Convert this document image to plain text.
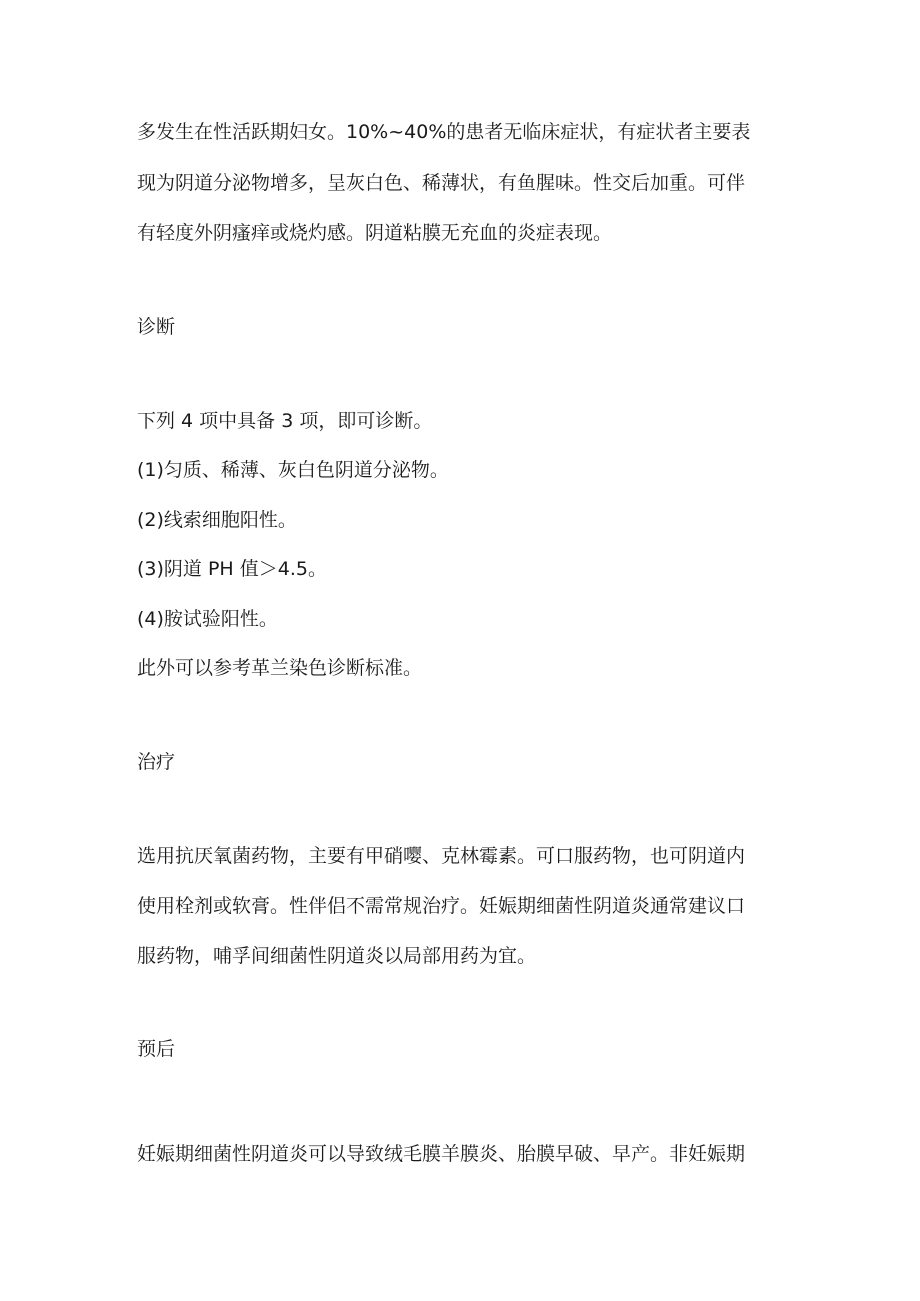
多发生在性活跃期妇女。10%~40%的患者无临床症状，有症状者主要表

现为阴道分泌物增多，呈灰白色、稀薄状，有鱼腥味。性交后加重。可伴

有轻度外阴瘙痒或烧灼感。阴道粘膜无充血的炎症表现。

诊断

下列 4 项中具备 3 项，即可诊断。

(1)匀质、稀薄、灰白色阴道分泌物。

(2)线索细胞阳性。

(3)阴道 PH 值＞4.5。

(4)胺试验阳性。

此外可以参考革兰染色诊断标准。

治疗

选用抗厌氧菌药物，主要有甲硝嘤、克林霉素。可口服药物，也可阴道内

使用栓剂或软膏。性伴侣不需常规治疗。妊娠期细菌性阴道炎通常建议口

服药物，哺孚间细菌性阴道炎以局部用药为宜。

预后

妊娠期细菌性阴道炎可以导致绒毛膜羊膜炎、胎膜早破、早产。非妊娠期
